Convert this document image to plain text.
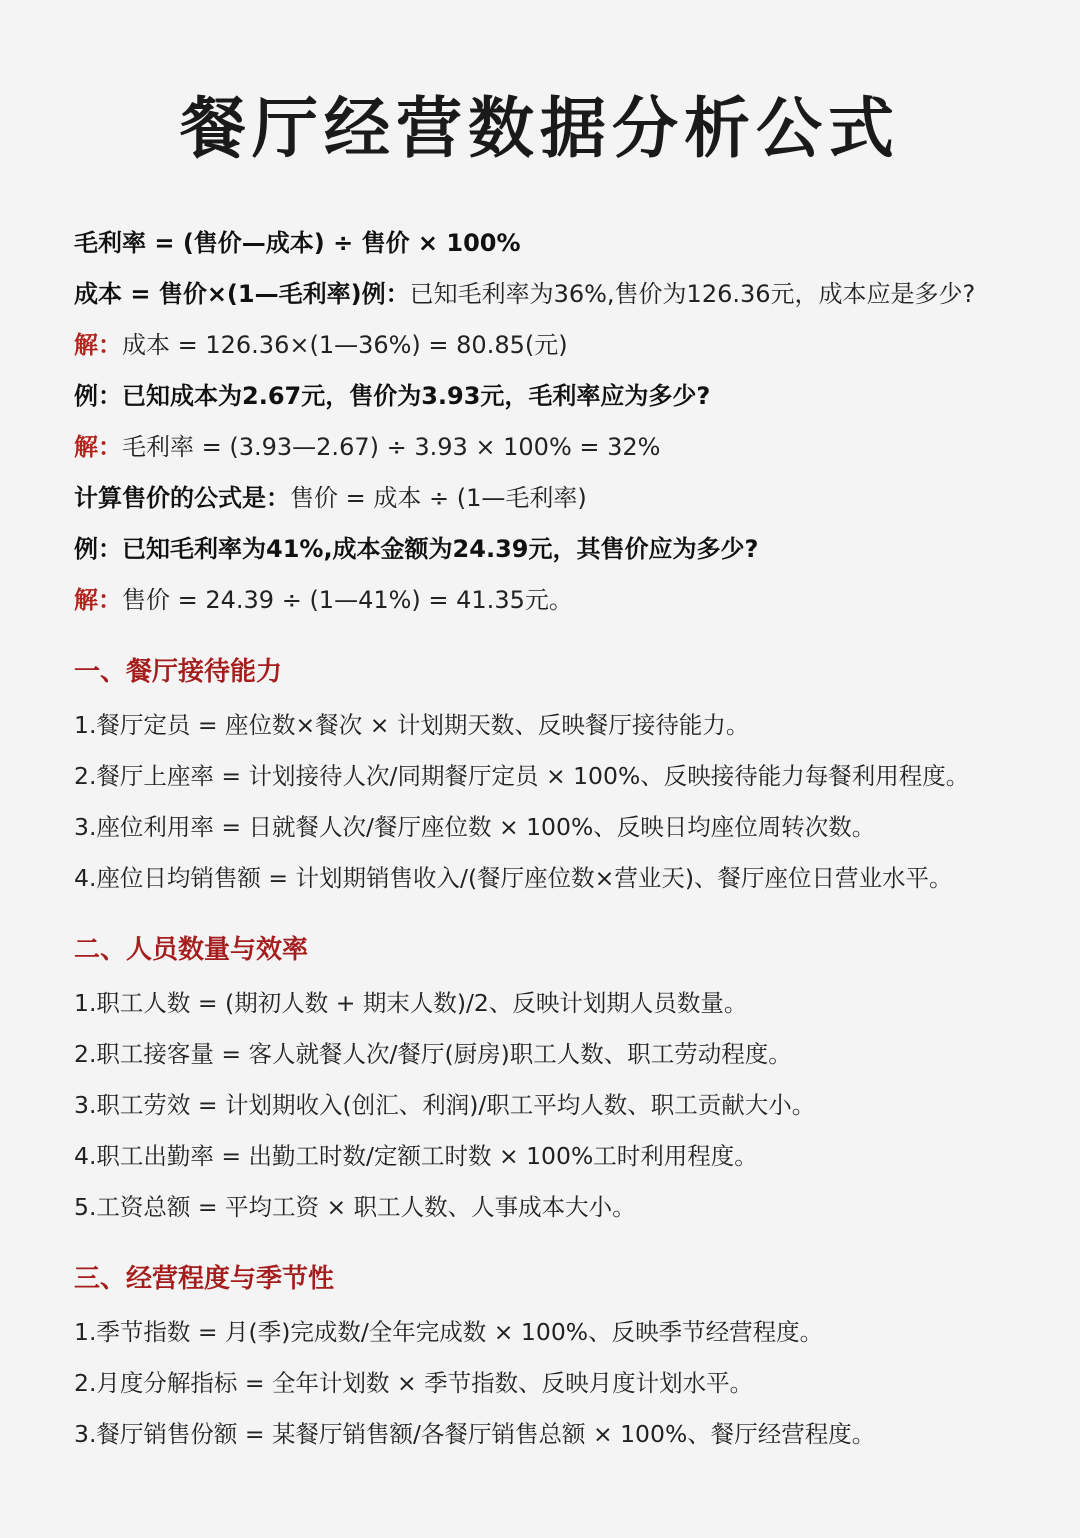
餐厅经营数据分析公式
毛利率 = (售价—成本) ÷ 售价 × 100%
成本 = 售价×(1—毛利率)例：已知毛利率为36%,售价为126.36元，成本应是多少?
解：成本 = 126.36×(1—36%) = 80.85(元)
例：已知成本为2.67元，售价为3.93元，毛利率应为多少?
解：毛利率 = (3.93—2.67) ÷ 3.93 × 100% = 32%
计算售价的公式是：售价 = 成本 ÷ (1—毛利率)
例：已知毛利率为41%,成本金额为24.39元，其售价应为多少?
解：售价 = 24.39 ÷ (1—41%) = 41.35元。
一、餐厅接待能力
1.餐厅定员 = 座位数×餐次 × 计划期天数、反映餐厅接待能力。
2.餐厅上座率 = 计划接待人次/同期餐厅定员 × 100%、反映接待能力每餐利用程度。
3.座位利用率 = 日就餐人次/餐厅座位数 × 100%、反映日均座位周转次数。
4.座位日均销售额 = 计划期销售收入/(餐厅座位数×营业天)、餐厅座位日营业水平。
二、人员数量与效率
1.职工人数 = (期初人数 + 期末人数)/2、反映计划期人员数量。
2.职工接客量 = 客人就餐人次/餐厅(厨房)职工人数、职工劳动程度。
3.职工劳效 = 计划期收入(创汇、利润)/职工平均人数、职工贡献大小。
4.职工出勤率 = 出勤工时数/定额工时数 × 100%工时利用程度。
5.工资总额 = 平均工资 × 职工人数、人事成本大小。
三、经营程度与季节性
1.季节指数 = 月(季)完成数/全年完成数 × 100%、反映季节经营程度。
2.月度分解指标 = 全年计划数 × 季节指数、反映月度计划水平。
3.餐厅销售份额 = 某餐厅销售额/各餐厅销售总额 × 100%、餐厅经营程度。
